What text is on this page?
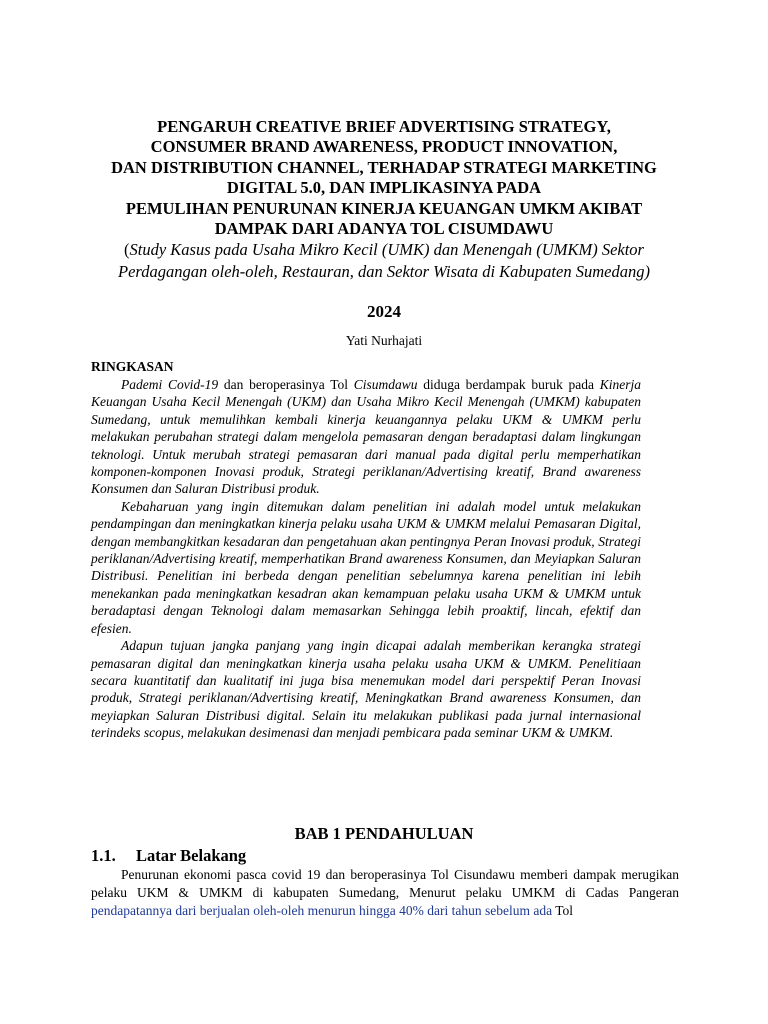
PENGARUH CREATIVE BRIEF ADVERTISING STRATEGY,

CONSUMER BRAND AWARENESS, PRODUCT INNOVATION,

DAN DISTRIBUTION CHANNEL, TERHADAP STRATEGI MARKETING

DIGITAL 5.0, DAN IMPLIKASINYA PADA

PEMULIHAN PENURUNAN KINERJA KEUANGAN UMKM AKIBAT

DAMPAK DARI ADANYA TOL CISUMDAWU

(Study Kasus pada Usaha Mikro Kecil (UMK) dan Menengah (UMKM) Sektor

Perdagangan oleh-oleh, Restauran, dan Sektor Wisata di Kabupaten Sumedang)

2024
Yati Nurhajati

RINGKASAN

Pademi Covid-19 dan beroperasinya Tol Cisumdawu diduga berdampak buruk pada Kinerja Keuangan Usaha Kecil Menengah (UKM) dan Usaha Mikro Kecil Menengah (UMKM) kabupaten Sumedang, untuk memulihkan kembali kinerja keuangannya pelaku UKM & UMKM perlu melakukan perubahan strategi dalam mengelola pemasaran dengan beradaptasi dalam lingkungan teknologi. Untuk merubah strategi pemasaran dari manual pada digital perlu memperhatikan komponen-komponen Inovasi produk, Strategi periklanan/Advertising kreatif, Brand awareness Konsumen dan Saluran Distribusi produk.

Kebaharuan yang ingin ditemukan dalam penelitian ini adalah model untuk melakukan pendampingan dan meningkatkan kinerja pelaku usaha UKM & UMKM melalui Pemasaran Digital, dengan membangkitkan kesadaran dan pengetahuan akan pentingnya Peran Inovasi produk, Strategi periklanan/Advertising kreatif, memperhatikan Brand awareness Konsumen, dan Meyiapkan Saluran Distribusi. Penelitian ini berbeda dengan penelitian sebelumnya karena penelitian ini lebih menekankan pada meningkatkan kesadran akan kemampuan pelaku usaha UKM & UMKM untuk beradaptasi dengan Teknologi dalam memasarkan Sehingga lebih proaktif, lincah, efektif dan efesien.

Adapun tujuan jangka panjang yang ingin dicapai adalah memberikan kerangka strategi pemasaran digital dan meningkatkan kinerja usaha pelaku usaha UKM & UMKM. Penelitiaan secara kuantitatif dan kualitatif ini juga bisa menemukan model dari perspektif Peran Inovasi produk, Strategi periklanan/Advertising kreatif, Meningkatkan Brand awareness Konsumen, dan meyiapkan Saluran Distribusi digital. Selain itu melakukan publikasi pada jurnal internasional terindeks scopus, melakukan desimenasi dan menjadi pembicara pada seminar UKM & UMKM.

BAB 1 PENDAHULUAN
1.1. Latar Belakang

Penurunan ekonomi pasca covid 19 dan beroperasinya Tol Cisundawu memberi dampak merugikan pelaku UKM & UMKM di kabupaten Sumedang, Menurut pelaku UMKM di Cadas Pangeran pendapatannya dari berjualan oleh-oleh menurun hingga 40% dari tahun sebelum ada Tol
